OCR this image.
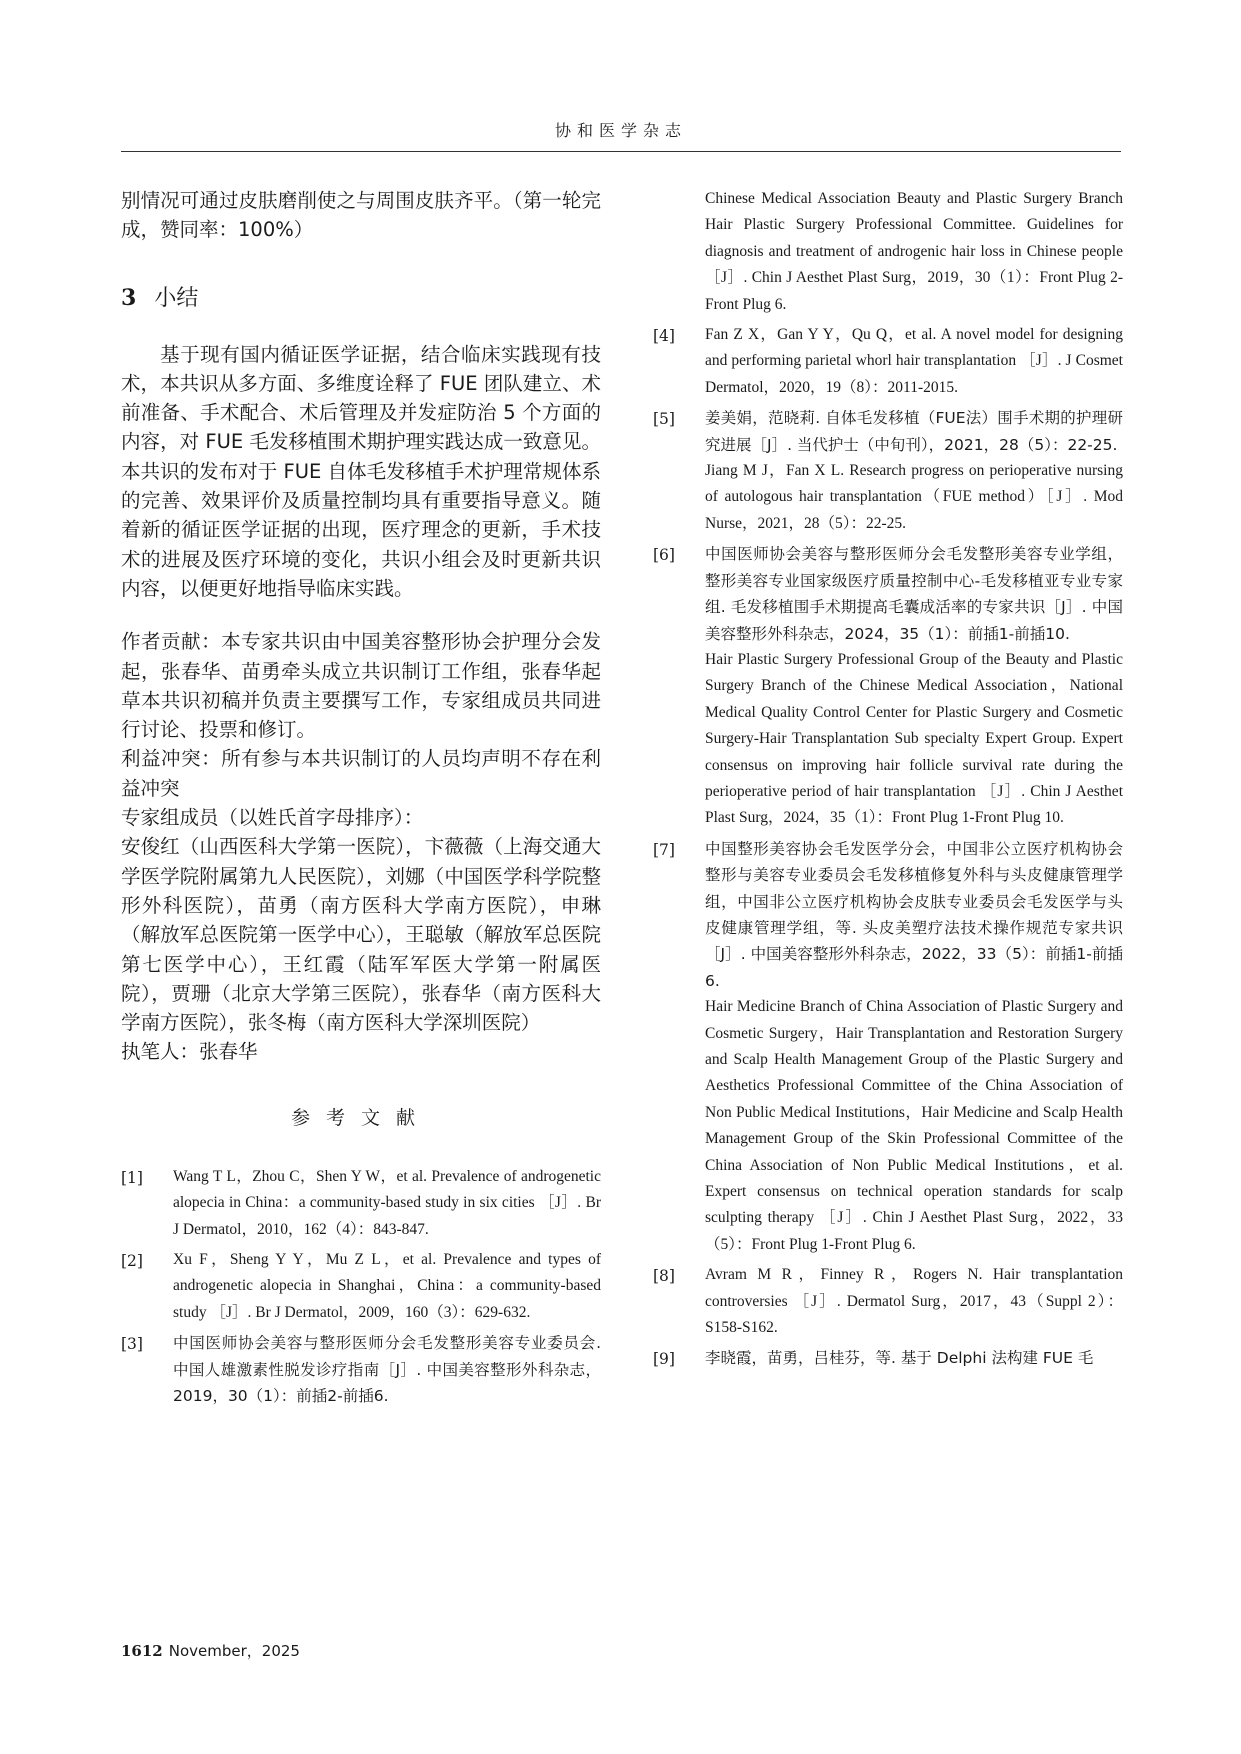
协和医学杂志

别情况可通过皮肤磨削使之与周围皮肤齐平。（第一轮完成，赞同率：100%）

3 小结

基于现有国内循证医学证据，结合临床实践现有技术，本共识从多方面、多维度诠释了 FUE 团队建立、术前准备、手术配合、术后管理及并发症防治 5 个方面的内容，对 FUE 毛发移植围术期护理实践达成一致意见。本共识的发布对于 FUE 自体毛发移植手术护理常规体系的完善、效果评价及质量控制均具有重要指导意义。随着新的循证医学证据的出现，医疗理念的更新，手术技术的进展及医疗环境的变化，共识小组会及时更新共识内容，以便更好地指导临床实践。

作者贡献：本专家共识由中国美容整形协会护理分会发起，张春华、苗勇牵头成立共识制订工作组，张春华起草本共识初稿并负责主要撰写工作，专家组成员共同进行讨论、投票和修订。

利益冲突：所有参与本共识制订的人员均声明不存在利益冲突

专家组成员（以姓氏首字母排序）：

安俊红（山西医科大学第一医院），卞薇薇（上海交通大学医学院附属第九人民医院），刘娜（中国医学科学院整形外科医院），苗勇（南方医科大学南方医院），申琳（解放军总医院第一医学中心），王聪敏（解放军总医院第七医学中心），王红霞（陆军军医大学第一附属医院），贾珊（北京大学第三医院），张春华（南方医科大学南方医院），张冬梅（南方医科大学深圳医院）

执笔人：张春华

参考文献
[1]	Wang T L，Zhou C，Shen Y W，et al. Prevalence of androgenetic alopecia in China：a community-based study in six cities ［J］. Br J Dermatol，2010，162（4）：843-847.

[2]	Xu F，Sheng Y Y，Mu Z L，et al. Prevalence and types of androgenetic alopecia in Shanghai，China：a community-based study ［J］. Br J Dermatol，2009，160（3）：629-632.

[3]	中国医师协会美容与整形医师分会毛发整形美容专业委员会. 中国人雄激素性脱发诊疗指南［J］. 中国美容整形外科杂志，2019，30（1）：前插2-前插6.

Chinese Medical Association Beauty and Plastic Surgery Branch Hair Plastic Surgery Professional Committee. Guidelines for diagnosis and treatment of androgenic hair loss in Chinese people ［J］. Chin J Aesthet Plast Surg，2019，30（1）：Front Plug 2-Front Plug 6.

[4]	Fan Z X，Gan Y Y，Qu Q，et al. A novel model for designing and performing parietal whorl hair transplantation ［J］. J Cosmet Dermatol，2020，19（8）：2011-2015.

[5]	姜美娟，范晓莉. 自体毛发移植（FUE法）围手术期的护理研究进展［J］. 当代护士（中旬刊），2021，28（5）：22-25.

Jiang M J，Fan X L. Research progress on perioperative nursing of autologous hair transplantation（FUE method）［J］. Mod Nurse，2021，28（5）：22-25.

[6]	中国医师协会美容与整形医师分会毛发整形美容专业学组，整形美容专业国家级医疗质量控制中心-毛发移植亚专业专家组. 毛发移植围手术期提高毛囊成活率的专家共识［J］. 中国美容整形外科杂志，2024，35（1）：前插1-前插10.

Hair Plastic Surgery Professional Group of the Beauty and Plastic Surgery Branch of the Chinese Medical Association，National Medical Quality Control Center for Plastic Surgery and Cosmetic Surgery-Hair Transplantation Sub specialty Expert Group. Expert consensus on improving hair follicle survival rate during the perioperative period of hair transplantation ［J］. Chin J Aesthet Plast Surg，2024，35（1）：Front Plug 1-Front Plug 10.

[7]	中国整形美容协会毛发医学分会，中国非公立医疗机构协会整形与美容专业委员会毛发移植修复外科与头皮健康管理学组，中国非公立医疗机构协会皮肤专业委员会毛发医学与头皮健康管理学组，等. 头皮美塑疗法技术操作规范专家共识［J］. 中国美容整形外科杂志，2022，33（5）：前插1-前插6.

Hair Medicine Branch of China Association of Plastic Surgery and Cosmetic Surgery，Hair Transplantation and Restoration Surgery and Scalp Health Management Group of the Plastic Surgery and Aesthetics Professional Committee of the China Association of Non Public Medical Institutions，Hair Medicine and Scalp Health Management Group of the Skin Professional Committee of the China Association of Non Public Medical Institutions，et al. Expert consensus on technical operation standards for scalp sculpting therapy ［J］. Chin J Aesthet Plast Surg，2022，33（5）：Front Plug 1-Front Plug 6.

[8]	Avram M R，Finney R，Rogers N. Hair transplantation controversies ［J］. Dermatol Surg，2017，43（Suppl 2）：S158-S162.

[9]	李晓霞，苗勇，吕桂芬，等. 基于 Delphi 法构建 FUE 毛

1612 November，2025
